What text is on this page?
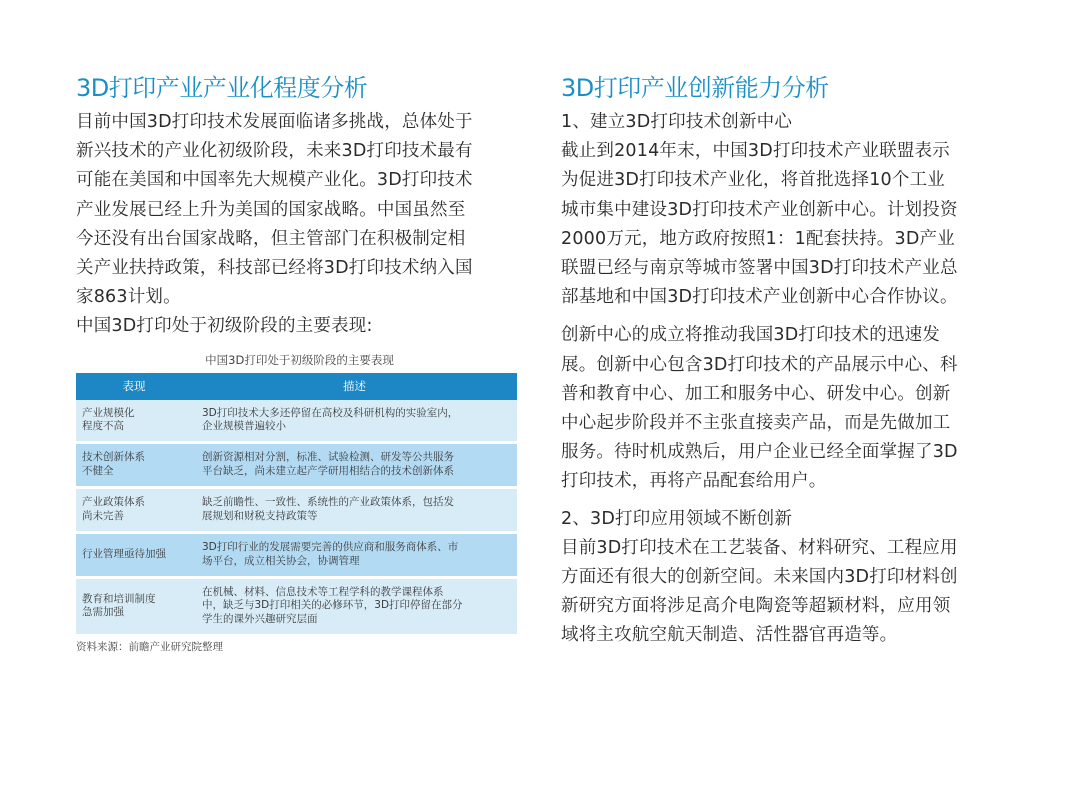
3D打印产业产业化程度分析

目前中国3D打印技术发展面临诸多挑战，总体处于
新兴技术的产业化初级阶段，未来3D打印技术最有
可能在美国和中国率先大规模产业化。3D打印技术
产业发展已经上升为美国的国家战略。中国虽然至
今还没有出台国家战略，但主管部门在积极制定相
关产业扶持政策，科技部已经将3D打印技术纳入国
家863计划。

中国3D打印处于初级阶段的主要表现:

中国3D打印处于初级阶段的主要表现
表现	描述
产业规模化
程度不高	3D打印技术大多还停留在高校及科研机构的实验室内，
企业规模普遍较小
技术创新体系
不健全	创新资源相对分割，标准、试验检测、研发等公共服务
平台缺乏，尚未建立起产学研用相结合的技术创新体系
产业政策体系
尚未完善	缺乏前瞻性、一致性、系统性的产业政策体系，包括发
展规划和财税支持政策等
行业管理亟待加强	3D打印行业的发展需要完善的供应商和服务商体系、市
场平台，成立相关协会，协调管理
教育和培训制度
急需加强	在机械、材料、信息技术等工程学科的教学课程体系
中，缺乏与3D打印相关的必修环节，3D打印停留在部分
学生的课外兴趣研究层面
资料来源：前瞻产业研究院整理
3D打印产业创新能力分析

1、建立3D打印技术创新中心

截止到2014年末，中国3D打印技术产业联盟表示
为促进3D打印技术产业化，将首批选择10个工业
城市集中建设3D打印技术产业创新中心。计划投资
2000万元，地方政府按照1：1配套扶持。3D产业
联盟已经与南京等城市签署中国3D打印技术产业总
部基地和中国3D打印技术产业创新中心合作协议。

创新中心的成立将推动我国3D打印技术的迅速发
展。创新中心包含3D打印技术的产品展示中心、科
普和教育中心、加工和服务中心、研发中心。创新
中心起步阶段并不主张直接卖产品，而是先做加工
服务。待时机成熟后，用户企业已经全面掌握了3D
打印技术，再将产品配套给用户。

2、3D打印应用领域不断创新

目前3D打印技术在工艺装备、材料研究、工程应用
方面还有很大的创新空间。未来国内3D打印材料创
新研究方面将涉足高介电陶瓷等超颖材料，应用领
域将主攻航空航天制造、活性器官再造等。
